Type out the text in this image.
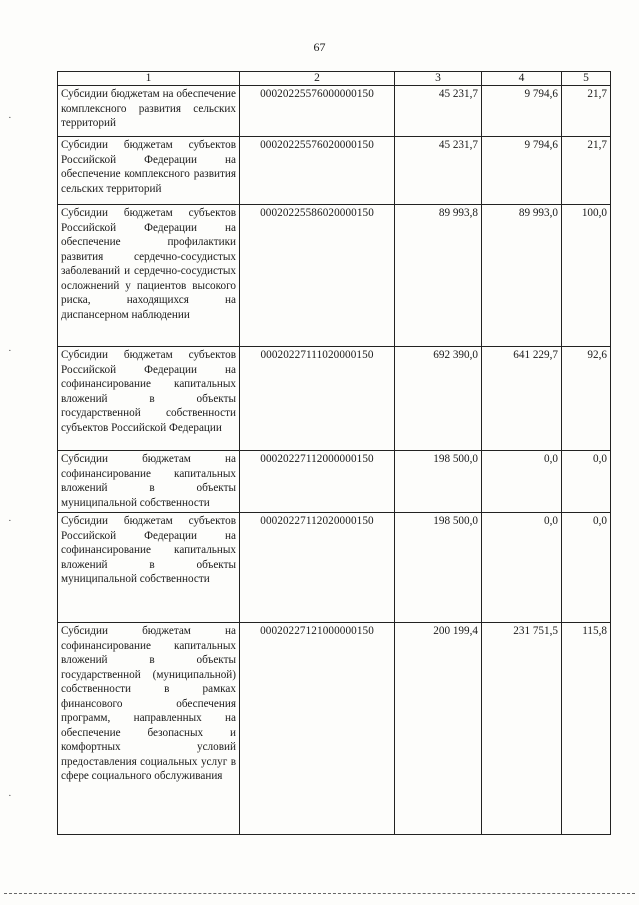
67
1	2	3	4	5
Субсидии бюджетам на обеспечение комплексного развития сельских территорий	00020225576000000150	45 231,7	9 794,6	21,7
Субсидии бюджетам субъектов Российской Федерации на обеспечение комплексного развития сельских территорий	00020225576020000150	45 231,7	9 794,6	21,7
Субсидии бюджетам субъектов Российской Федерации на обеспечение профилактики развития сердечно-сосудистых заболеваний и сердечно-сосудистых осложнений у пациентов высокого риска, находящихся на диспансерном наблюдении	00020225586020000150	89 993,8	89 993,0	100,0
Субсидии бюджетам субъектов Российской Федерации на софинансирование капитальных вложений в объекты государственной собственности субъектов Российской Федерации	00020227111020000150	692 390,0	641 229,7	92,6
Субсидии бюджетам на софинансирование капитальных вложений в объекты муниципальной собственности	00020227112000000150	198 500,0	0,0	0,0
Субсидии бюджетам субъектов Российской Федерации на софинансирование капитальных вложений в объекты муниципальной собственности	00020227112020000150	198 500,0	0,0	0,0
Субсидии бюджетам на софинансирование капитальных вложений в объекты государственной (муниципальной) собственности в рамках финансового обеспечения программ, направленных на обеспечение безопасных и комфортных условий предоставления социальных услуг в сфере социального обслуживания	00020227121000000150	200 199,4	231 751,5	115,8
·
·
·
·
